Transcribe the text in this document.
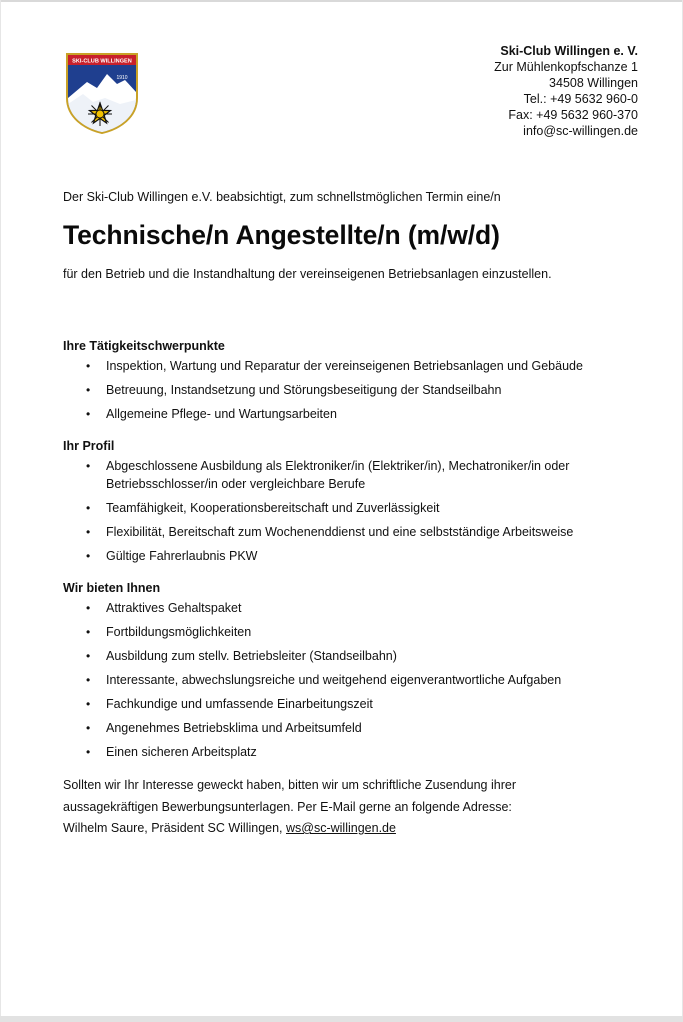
SKI-CLUB WILLINGEN
1910
Ski-Club Willingen e. V.
Zur Mühlenkopfschanze 1
34508 Willingen
Tel.: +49 5632 960-0
Fax: +49 5632 960-370
info@sc-willingen.de

Der Ski-Club Willingen e.V. beabsichtigt, zum schnellstmöglichen Termin eine/n

Technische/n Angestellte/n (m/w/d)

für den Betrieb und die Instandhaltung der vereinseigenen Betriebsanlagen einzustellen.

Ihre Tätigkeitschwerpunkte
• Inspektion, Wartung und Reparatur der vereinseigenen Betriebsanlagen und Gebäude
• Betreuung, Instandsetzung und Störungsbeseitigung der Standseilbahn
• Allgemeine Pflege- und Wartungsarbeiten
Ihr Profil
• Abgeschlossene Ausbildung als Elektroniker/in (Elektriker/in), Mechatroniker/in oder Betriebsschlosser/in oder vergleichbare Berufe
• Teamfähigkeit, Kooperationsbereitschaft und Zuverlässigkeit
• Flexibilität, Bereitschaft zum Wochenenddienst und eine selbstständige Arbeitsweise
• Gültige Fahrerlaubnis PKW
Wir bieten Ihnen
• Attraktives Gehaltspaket
• Fortbildungsmöglichkeiten
• Ausbildung zum stellv. Betriebsleiter (Standseilbahn)
• Interessante, abwechslungsreiche und weitgehend eigenverantwortliche Aufgaben
• Fachkundige und umfassende Einarbeitungszeit
• Angenehmes Betriebsklima und Arbeitsumfeld
• Einen sicheren Arbeitsplatz
Sollten wir Ihr Interesse geweckt haben, bitten wir um schriftliche Zusendung ihrer
aussagekräftigen Bewerbungsunterlagen. Per E-Mail gerne an folgende Adresse:
Wilhelm Saure, Präsident SC Willingen, ws@sc-willingen.de
